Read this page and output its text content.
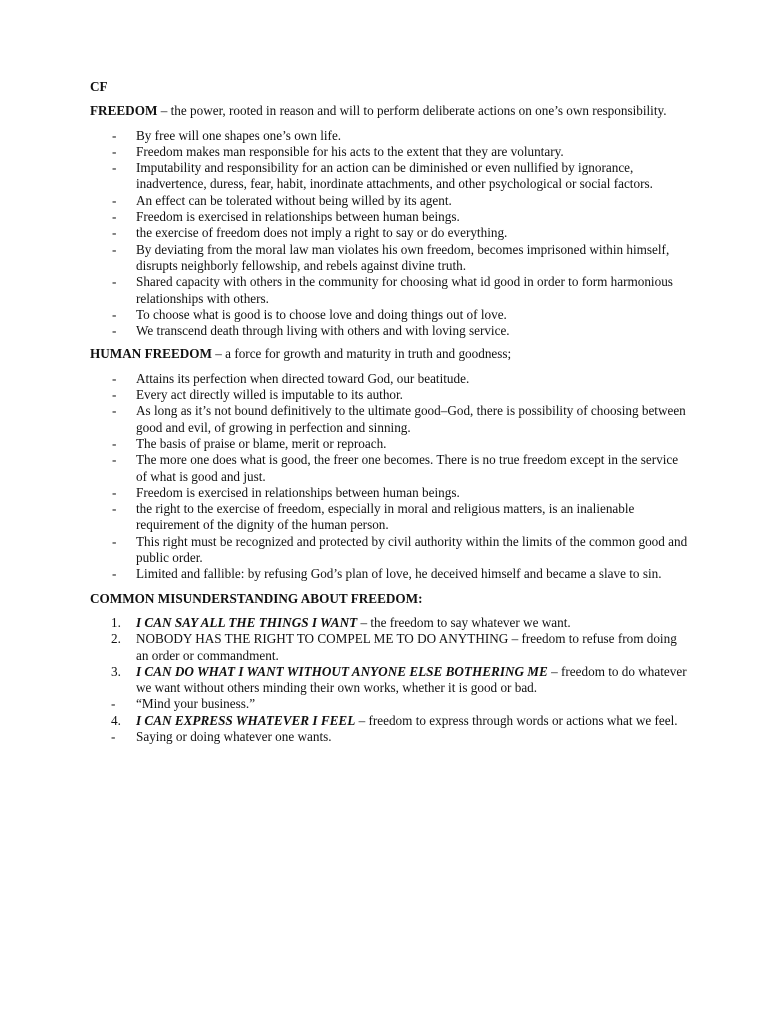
CF

FREEDOM – the power, rooted in reason and will to perform deliberate actions on one’s own responsibility.

- By free will one shapes one’s own life.
- Freedom makes man responsible for his acts to the extent that they are voluntary.
- Imputability and responsibility for an action can be diminished or even nullified by ignorance, inadvertence, duress, fear, habit, inordinate attachments, and other psychological or social factors.
- An effect can be tolerated without being willed by its agent.
- Freedom is exercised in relationships between human beings.
- the exercise of freedom does not imply a right to say or do everything.
- By deviating from the moral law man violates his own freedom, becomes imprisoned within himself, disrupts neighborly fellowship, and rebels against divine truth.
- Shared capacity with others in the community for choosing what id good in order to form harmonious relationships with others.
- To choose what is good is to choose love and doing things out of love.
- We transcend death through living with others and with loving service.

HUMAN FREEDOM – a force for growth and maturity in truth and goodness;

- Attains its perfection when directed toward God, our beatitude.
- Every act directly willed is imputable to its author.
- As long as it’s not bound definitively to the ultimate good–God, there is possibility of choosing between good and evil, of growing in perfection and sinning.
- The basis of praise or blame, merit or reproach.
- The more one does what is good, the freer one becomes. There is no true freedom except in the service of what is good and just.
- Freedom is exercised in relationships between human beings.
- the right to the exercise of freedom, especially in moral and religious matters, is an inalienable requirement of the dignity of the human person.
- This right must be recognized and protected by civil authority within the limits of the common good and public order.
- Limited and fallible: by refusing God’s plan of love, he deceived himself and became a slave to sin.

COMMON MISUNDERSTANDING ABOUT FREEDOM:

1. I CAN SAY ALL THE THINGS I WANT – the freedom to say whatever we want.
2. NOBODY HAS THE RIGHT TO COMPEL ME TO DO ANYTHING – freedom to refuse from doing an order or commandment.
3. I CAN DO WHAT I WANT WITHOUT ANYONE ELSE BOTHERING ME – freedom to do whatever we want without others minding their own works, whether it is good or bad.
- “Mind your business.”
4. I CAN EXPRESS WHATEVER I FEEL – freedom to express through words or actions what we feel.
- Saying or doing whatever one wants.
